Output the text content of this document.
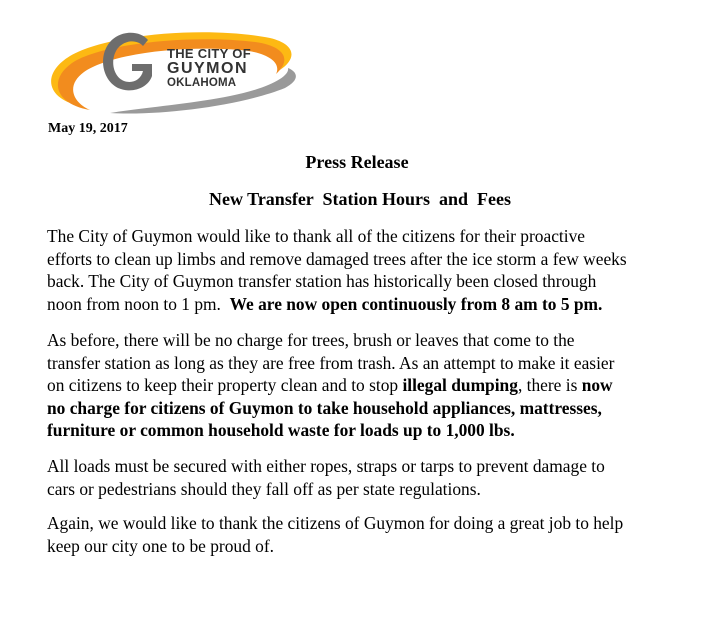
THE CITY OF
GUYMON
OKLAHOMA
May 19, 2017
Press Release
New Transfer  Station Hours  and  Fees
The City of Guymon would like to thank all of the citizens for their proactive
efforts to clean up limbs and remove damaged trees after the ice storm a few weeks
back. The City of Guymon transfer station has historically been closed through
noon from noon to 1 pm.  We are now open continuously from 8 am to 5 pm.
As before, there will be no charge for trees, brush or leaves that come to the
transfer station as long as they are free from trash. As an attempt to make it easier
on citizens to keep their property clean and to stop illegal dumping, there is now
no charge for citizens of Guymon to take household appliances, mattresses,
furniture or common household waste for loads up to 1,000 lbs.
All loads must be secured with either ropes, straps or tarps to prevent damage to
cars or pedestrians should they fall off as per state regulations.
Again, we would like to thank the citizens of Guymon for doing a great job to help
keep our city one to be proud of.
